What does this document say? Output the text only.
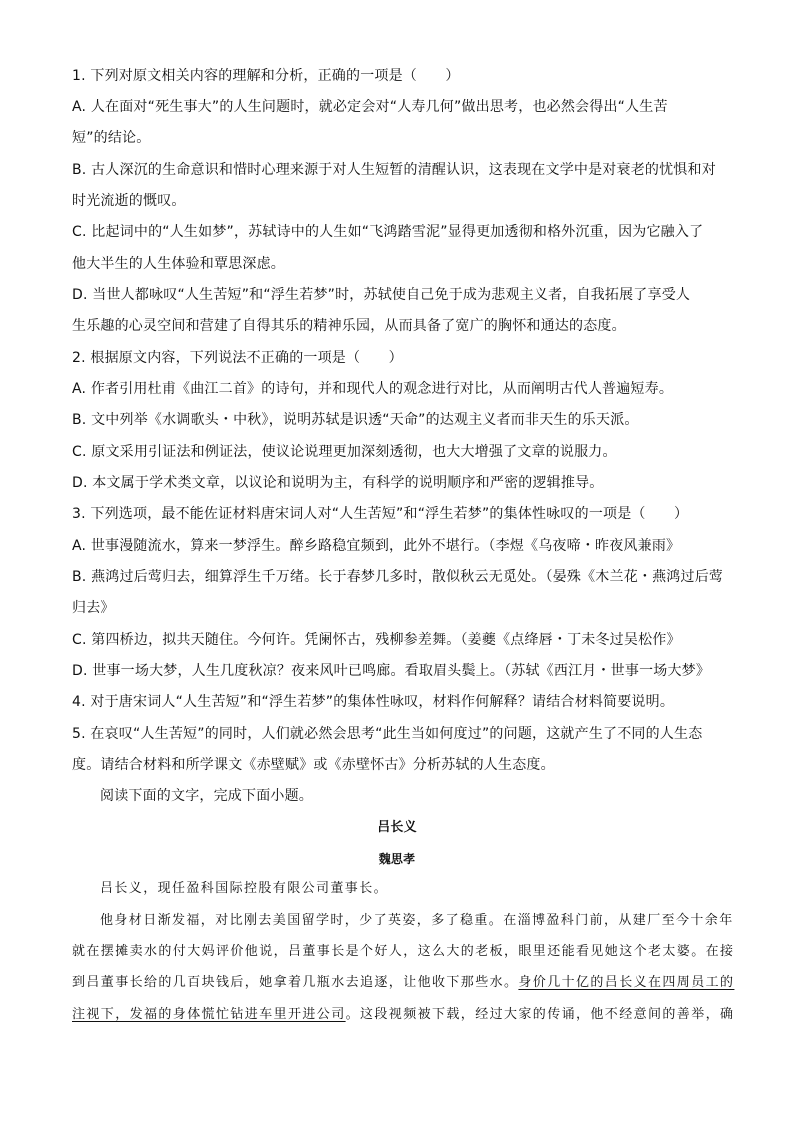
1. 下列对原文相关内容的理解和分析，正确的一项是（　　）
A. 人在面对“死生事大”的人生问题时，就必定会对“人寿几何”做出思考，也必然会得出“人生苦
短”的结论。
B. 古人深沉的生命意识和惜时心理来源于对人生短暂的清醒认识，这表现在文学中是对衰老的忧惧和对
时光流逝的慨叹。
C. 比起词中的“人生如梦”，苏轼诗中的人生如“飞鸿踏雪泥”显得更加透彻和格外沉重，因为它融入了
他大半生的人生体验和覃思深虑。
D. 当世人都咏叹“人生苦短”和“浮生若梦”时，苏轼使自己免于成为悲观主义者，自我拓展了享受人
生乐趣的心灵空间和营建了自得其乐的精神乐园，从而具备了宽广的胸怀和通达的态度。
2. 根据原文内容，下列说法不正确的一项是（　　）
A. 作者引用杜甫《曲江二首》的诗句，并和现代人的观念进行对比，从而阐明古代人普遍短寿。
B. 文中列举《水调歌头・中秋》，说明苏轼是识透“天命”的达观主义者而非天生的乐天派。
C. 原文采用引证法和例证法，使议论说理更加深刻透彻，也大大增强了文章的说服力。
D. 本文属于学术类文章，以议论和说明为主，有科学的说明顺序和严密的逻辑推导。
3. 下列选项，最不能佐证材料唐宋词人对“人生苦短”和“浮生若梦”的集体性咏叹的一项是（　　）
A. 世事漫随流水，算来一梦浮生。醉乡路稳宜频到，此外不堪行。（李煜《乌夜啼・昨夜风兼雨》
B. 燕鸿过后莺归去，细算浮生千万绪。长于春梦几多时，散似秋云无觅处。（晏殊《木兰花・燕鸿过后莺
归去》
C. 第四桥边，拟共天随住。今何许。凭阑怀古，残柳参差舞。（姜夔《点绛唇・丁未冬过吴松作》
D. 世事一场大梦，人生几度秋凉？夜来风叶已鸣廊。看取眉头鬓上。（苏轼《西江月・世事一场大梦》
4. 对于唐宋词人“人生苦短”和“浮生若梦”的集体性咏叹，材料作何解释？请结合材料简要说明。
5. 在哀叹“人生苦短”的同时，人们就必然会思考“此生当如何度过”的问题，这就产生了不同的人生态
度。请结合材料和所学课文《赤壁赋》或《赤壁怀古》分析苏轼的人生态度。
阅读下面的文字，完成下面小题。
吕长义
魏思孝
吕长义，现任盈科国际控股有限公司董事长。
他身材日渐发福，对比刚去美国留学时，少了英姿，多了稳重。在淄博盈科门前，从建厂至今十余年
就在摆摊卖水的付大妈评价他说，吕董事长是个好人，这么大的老板，眼里还能看见她这个老太婆。在接
到吕董事长给的几百块钱后，她拿着几瓶水去追逐，让他收下那些水。身价几十亿的吕长义在四周员工的
注视下，发福的身体慌忙钻进车里开进公司。这段视频被下载，经过大家的传诵，他不经意间的善举，确
